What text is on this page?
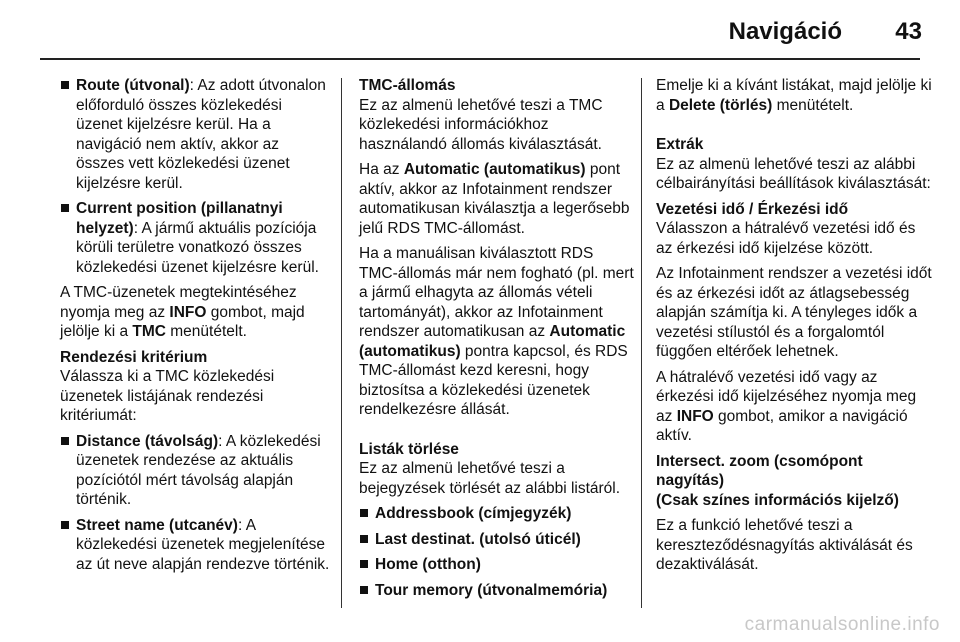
Navigáció 43
Route (útvonal): Az adott útvonalon előforduló összes közlekedési üzenet kijelzésre kerül. Ha a navigáció nem aktív, akkor az összes vett közlekedési üzenet kijelzésre kerül.
Current position (pillanatnyi helyzet): A jármű aktuális pozíciója körüli területre vonatkozó összes közlekedési üzenet kijelzésre kerül.

A TMC-üzenetek megtekintéséhez nyomja meg az INFO gombot, majd jelölje ki a TMC menütételt.

Rendezési kritérium

Válassza ki a TMC közlekedési üzenetek listájának rendezési kritériumát:

Distance (távolság): A közlekedési üzenetek rendezése az aktuális pozíciótól mért távolság alapján történik.
Street name (utcanév): A közlekedési üzenetek megjelenítése az út neve alapján rendezve történik.
TMC-állomás

Ez az almenü lehetővé teszi a TMC közlekedési információkhoz használandó állomás kiválasztását.

Ha az Automatic (automatikus) pont aktív, akkor az Infotainment rendszer automatikusan kiválasztja a legerősebb jelű RDS TMC-állomást.

Ha a manuálisan kiválasztott RDS TMC-állomás már nem fogható (pl. mert a jármű elhagyta az állomás vételi tartományát), akkor az Infotainment rendszer automatikusan az Automatic (automatikus) pontra kapcsol, és RDS TMC-állomást kezd keresni, hogy biztosítsa a közlekedési üzenetek rendelkezésre állását.

Listák törlése

Ez az almenü lehetővé teszi a bejegyzések törlését az alábbi listáról.

Addressbook (címjegyzék)
Last destinat. (utolsó úticél)
Home (otthon)
Tour memory (útvonalmemória)

Emelje ki a kívánt listákat, majd jelölje ki a Delete (törlés) menütételt.

Extrák

Ez az almenü lehetővé teszi az alábbi célbairányítási beállítások kiválasztását:

Vezetési idő / Érkezési idő

Válasszon a hátralévő vezetési idő és az érkezési idő kijelzése között.

Az Infotainment rendszer a vezetési időt és az érkezési időt az átlagsebesség alapján számítja ki. A tényleges idők a vezetési stílustól és a forgalomtól függően eltérőek lehetnek.

A hátralévő vezetési idő vagy az érkezési idő kijelzéséhez nyomja meg az INFO gombot, amikor a navigáció aktív.

Intersect. zoom (csomópont nagyítás)
(Csak színes információs kijelző)

Ez a funkció lehetővé teszi a kereszteződésnagyítás aktiválását és dezaktiválását.

carmanualsonline.info
